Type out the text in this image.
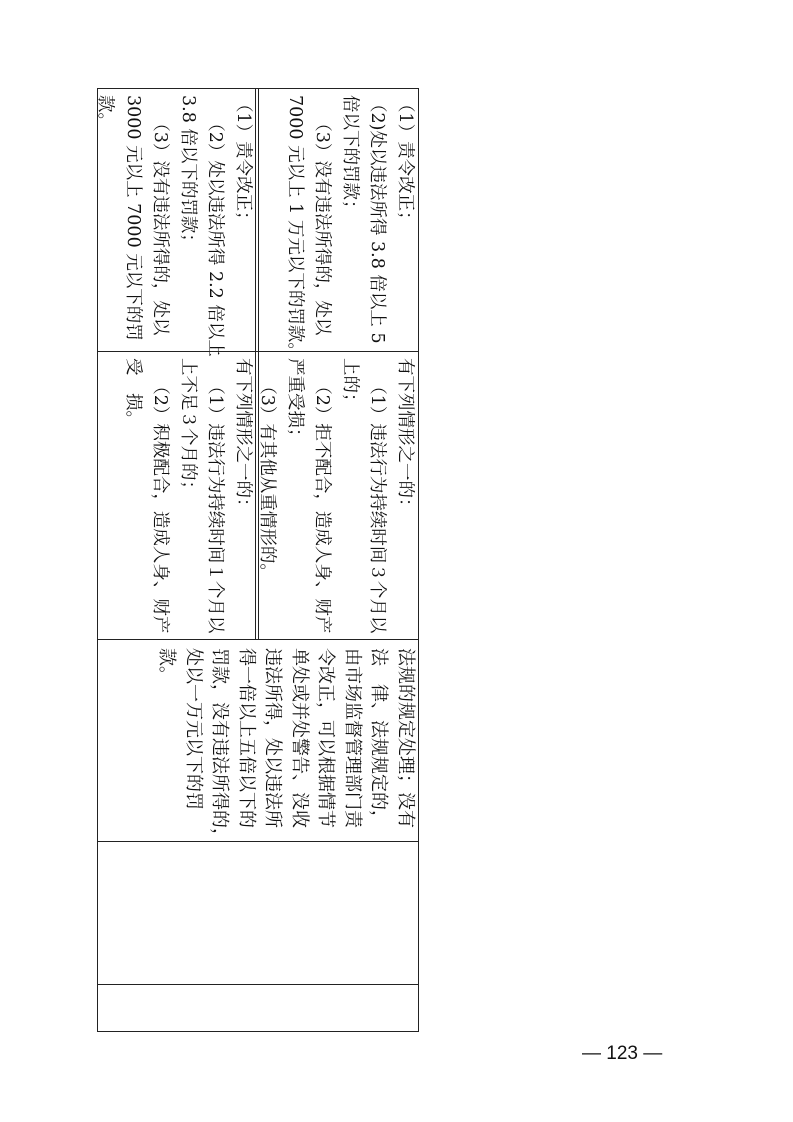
（1）责令改正；

（2）处以违法所得 2.2 倍以上

3.8 倍以下的罚款；

（3）没有违法所得的，处以

3000 元以上 7000 元以下的罚

款。	（1）责令改正；

（2)处以违法所得 3.8 倍以上 5

倍以下的罚款；

（3）没有违法所得的，处以

7000 元以上 1 万元以下的罚款。

有下列情形之一的：

（1）违法行为持续时间１个月以

上不足３个月的；

（2）积极配合，造成人身、财产

受　损。	有下列情形之一的：

（1）违法行为持续时间３个月以

上的；

（2）拒不配合，造成人身、财产

严重受损；

（3）有其他从重情形的。

法规的规定处理；没有

法　律、法规规定的，

由市场监督管理部门责

令改正，可以根据情节

单处或并处警告、没收

违法所得，处以违法所

得一倍以上五倍以下的

罚款，没有违法所得的，

处以一万元以下的罚

款。

— 123 —
